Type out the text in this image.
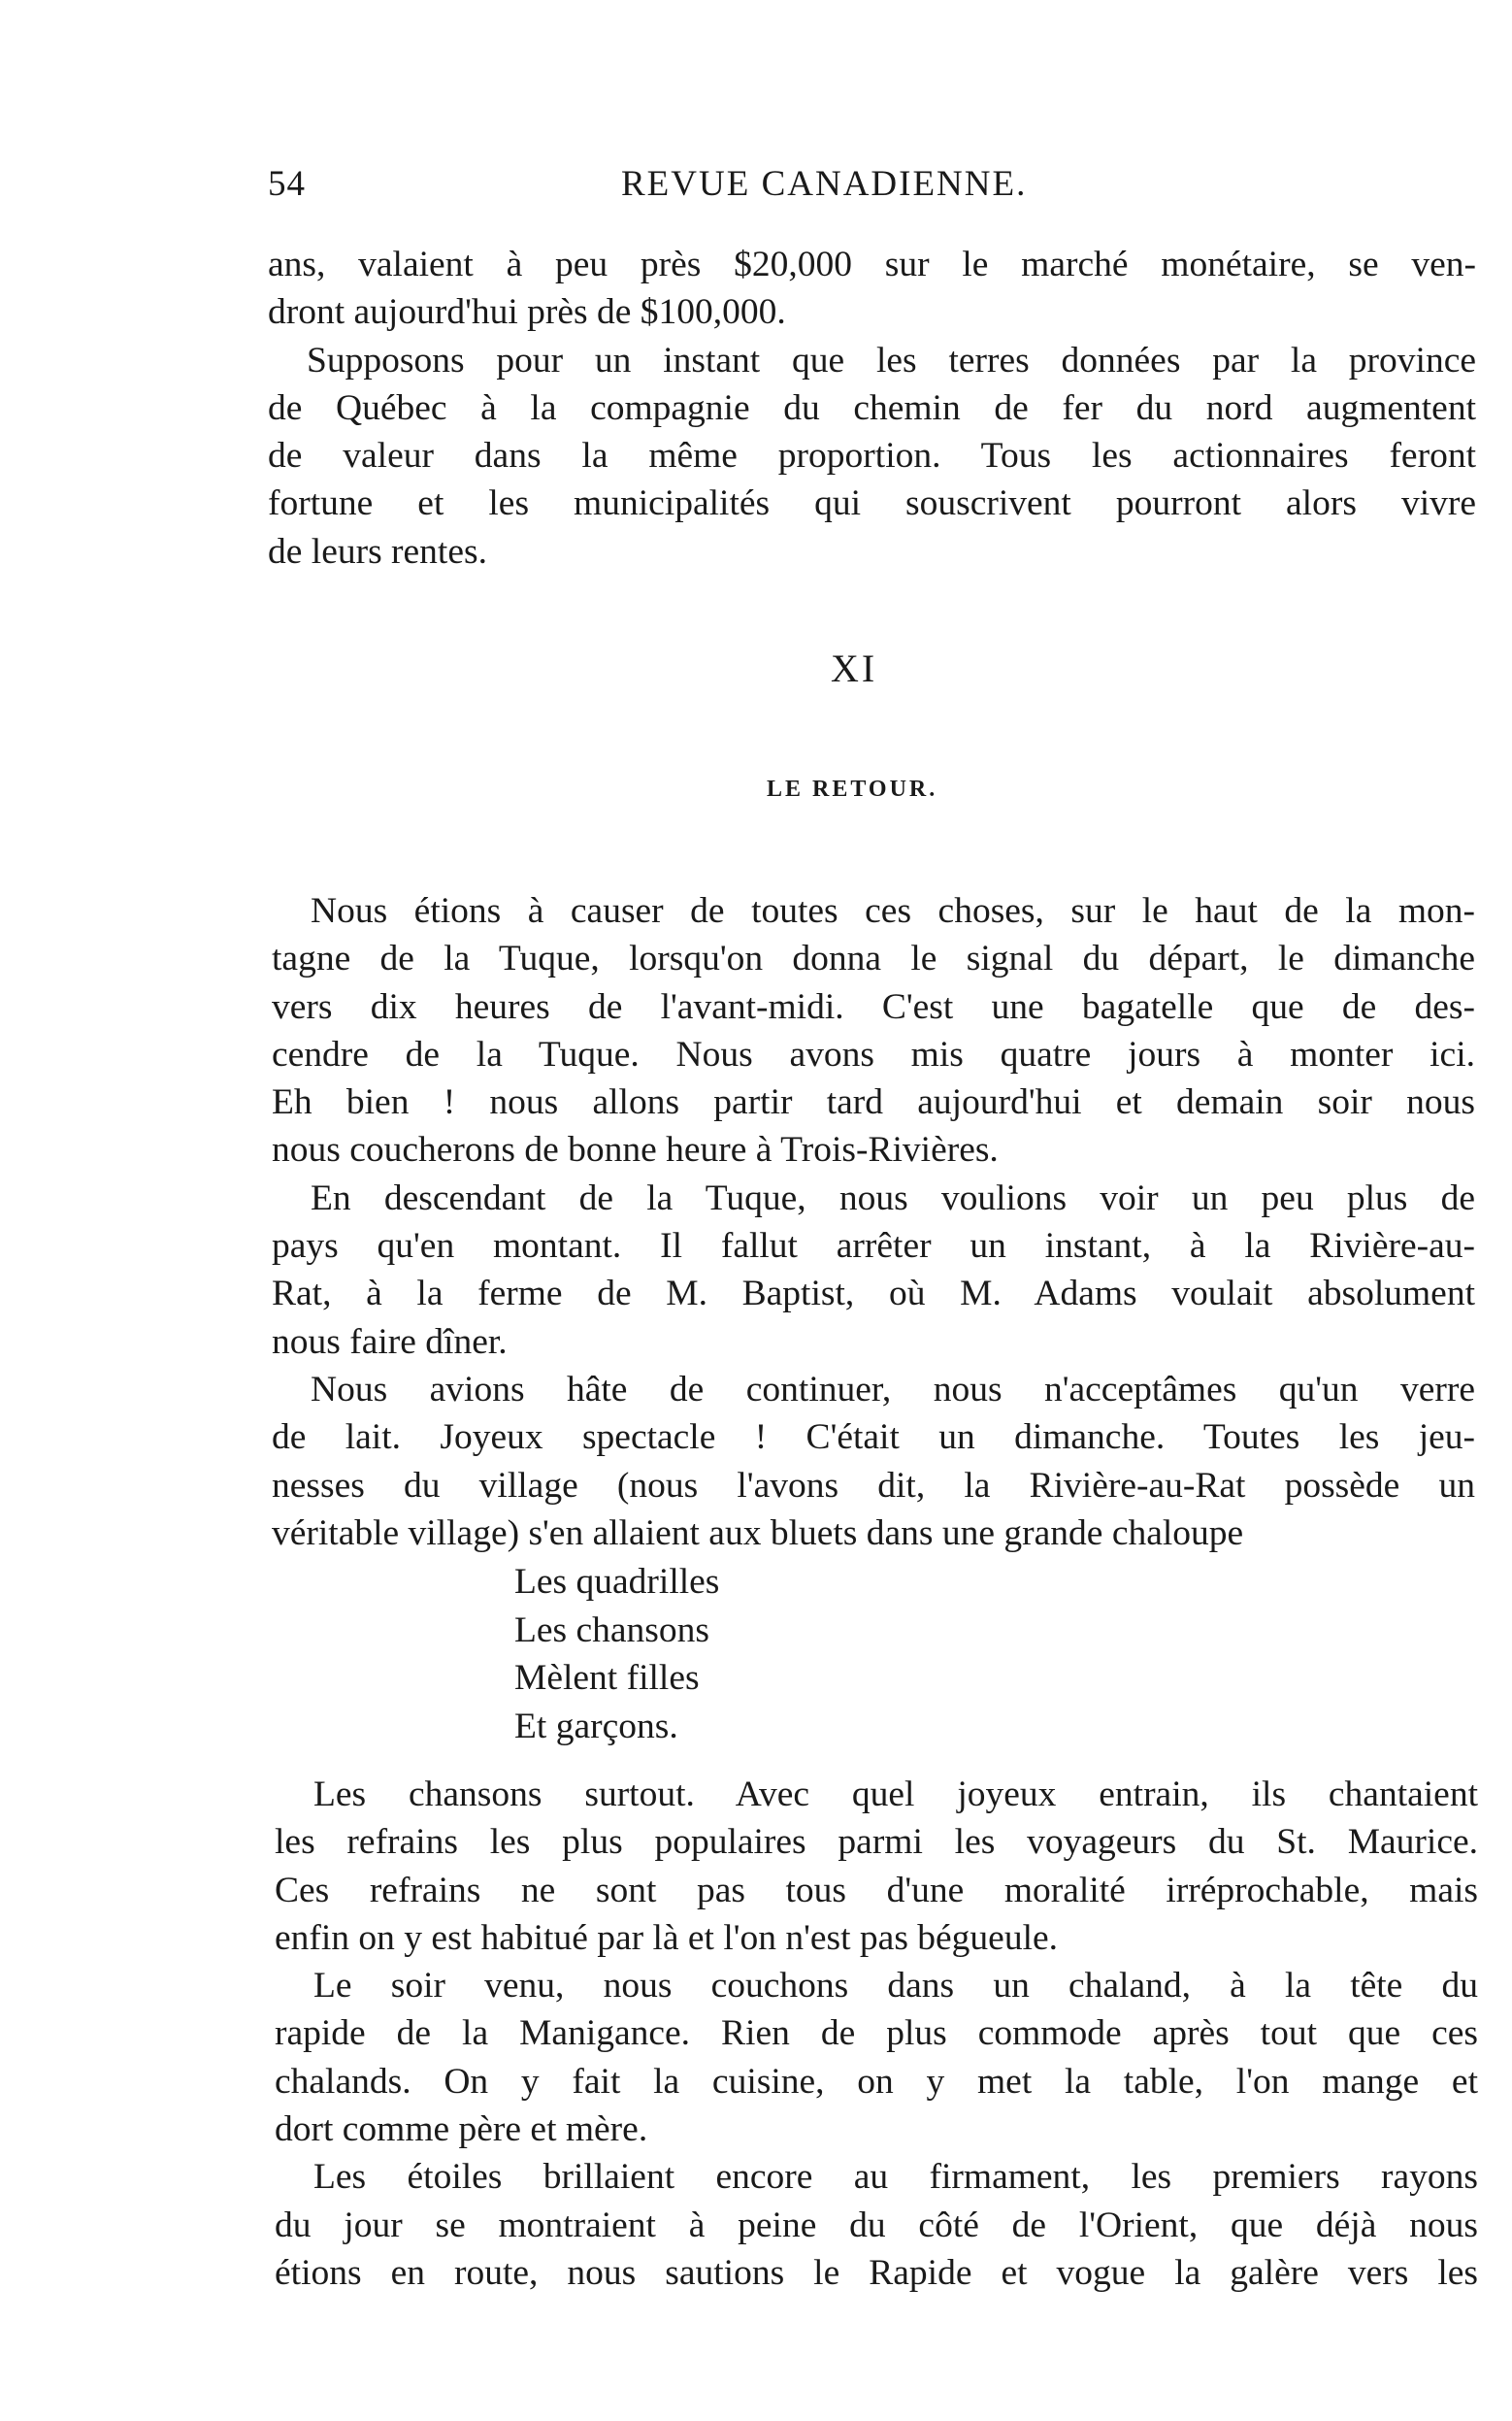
54	REVUE CANADIENNE.
ans, valaient à peu près $20,000 sur le marché monétaire, se ven-
dront aujourd'hui près de $100,000.
Supposons pour un instant que les terres données par la province
de Québec à la compagnie du chemin de fer du nord augmentent
de valeur dans la même proportion. Tous les actionnaires feront
fortune et les municipalités qui souscrivent pourront alors vivre
de leurs rentes.
XI
LE RETOUR.
Nous étions à causer de toutes ces choses, sur le haut de la mon-
tagne de la Tuque, lorsqu'on donna le signal du départ, le dimanche
vers dix heures de l'avant-midi. C'est une bagatelle que de des-
cendre de la Tuque. Nous avons mis quatre jours à monter ici.
Eh bien ! nous allons partir tard aujourd'hui et demain soir nous
nous coucherons de bonne heure à Trois-Rivières.
En descendant de la Tuque, nous voulions voir un peu plus de
pays qu'en montant. Il fallut arrêter un instant, à la Rivière-au-
Rat, à la ferme de M. Baptist, où M. Adams voulait absolument
nous faire dîner.
Nous avions hâte de continuer, nous n'acceptâmes qu'un verre
de lait. Joyeux spectacle ! C'était un dimanche. Toutes les jeu-
nesses du village (nous l'avons dit, la Rivière-au-Rat possède un
véritable village) s'en allaient aux bluets dans une grande chaloupe
Les quadrilles
Les chansons
Mèlent filles
Et garçons.
Les chansons surtout. Avec quel joyeux entrain, ils chantaient
les refrains les plus populaires parmi les voyageurs du St. Maurice.
Ces refrains ne sont pas tous d'une moralité irréprochable, mais
enfin on y est habitué par là et l'on n'est pas bégueule.
Le soir venu, nous couchons dans un chaland, à la tête du
rapide de la Manigance. Rien de plus commode après tout que ces
chalands. On y fait la cuisine, on y met la table, l'on mange et
dort comme père et mère.
Les étoiles brillaient encore au firmament, les premiers rayons
du jour se montraient à peine du côté de l'Orient, que déjà nous
étions en route, nous sautions le Rapide et vogue la galère vers les
